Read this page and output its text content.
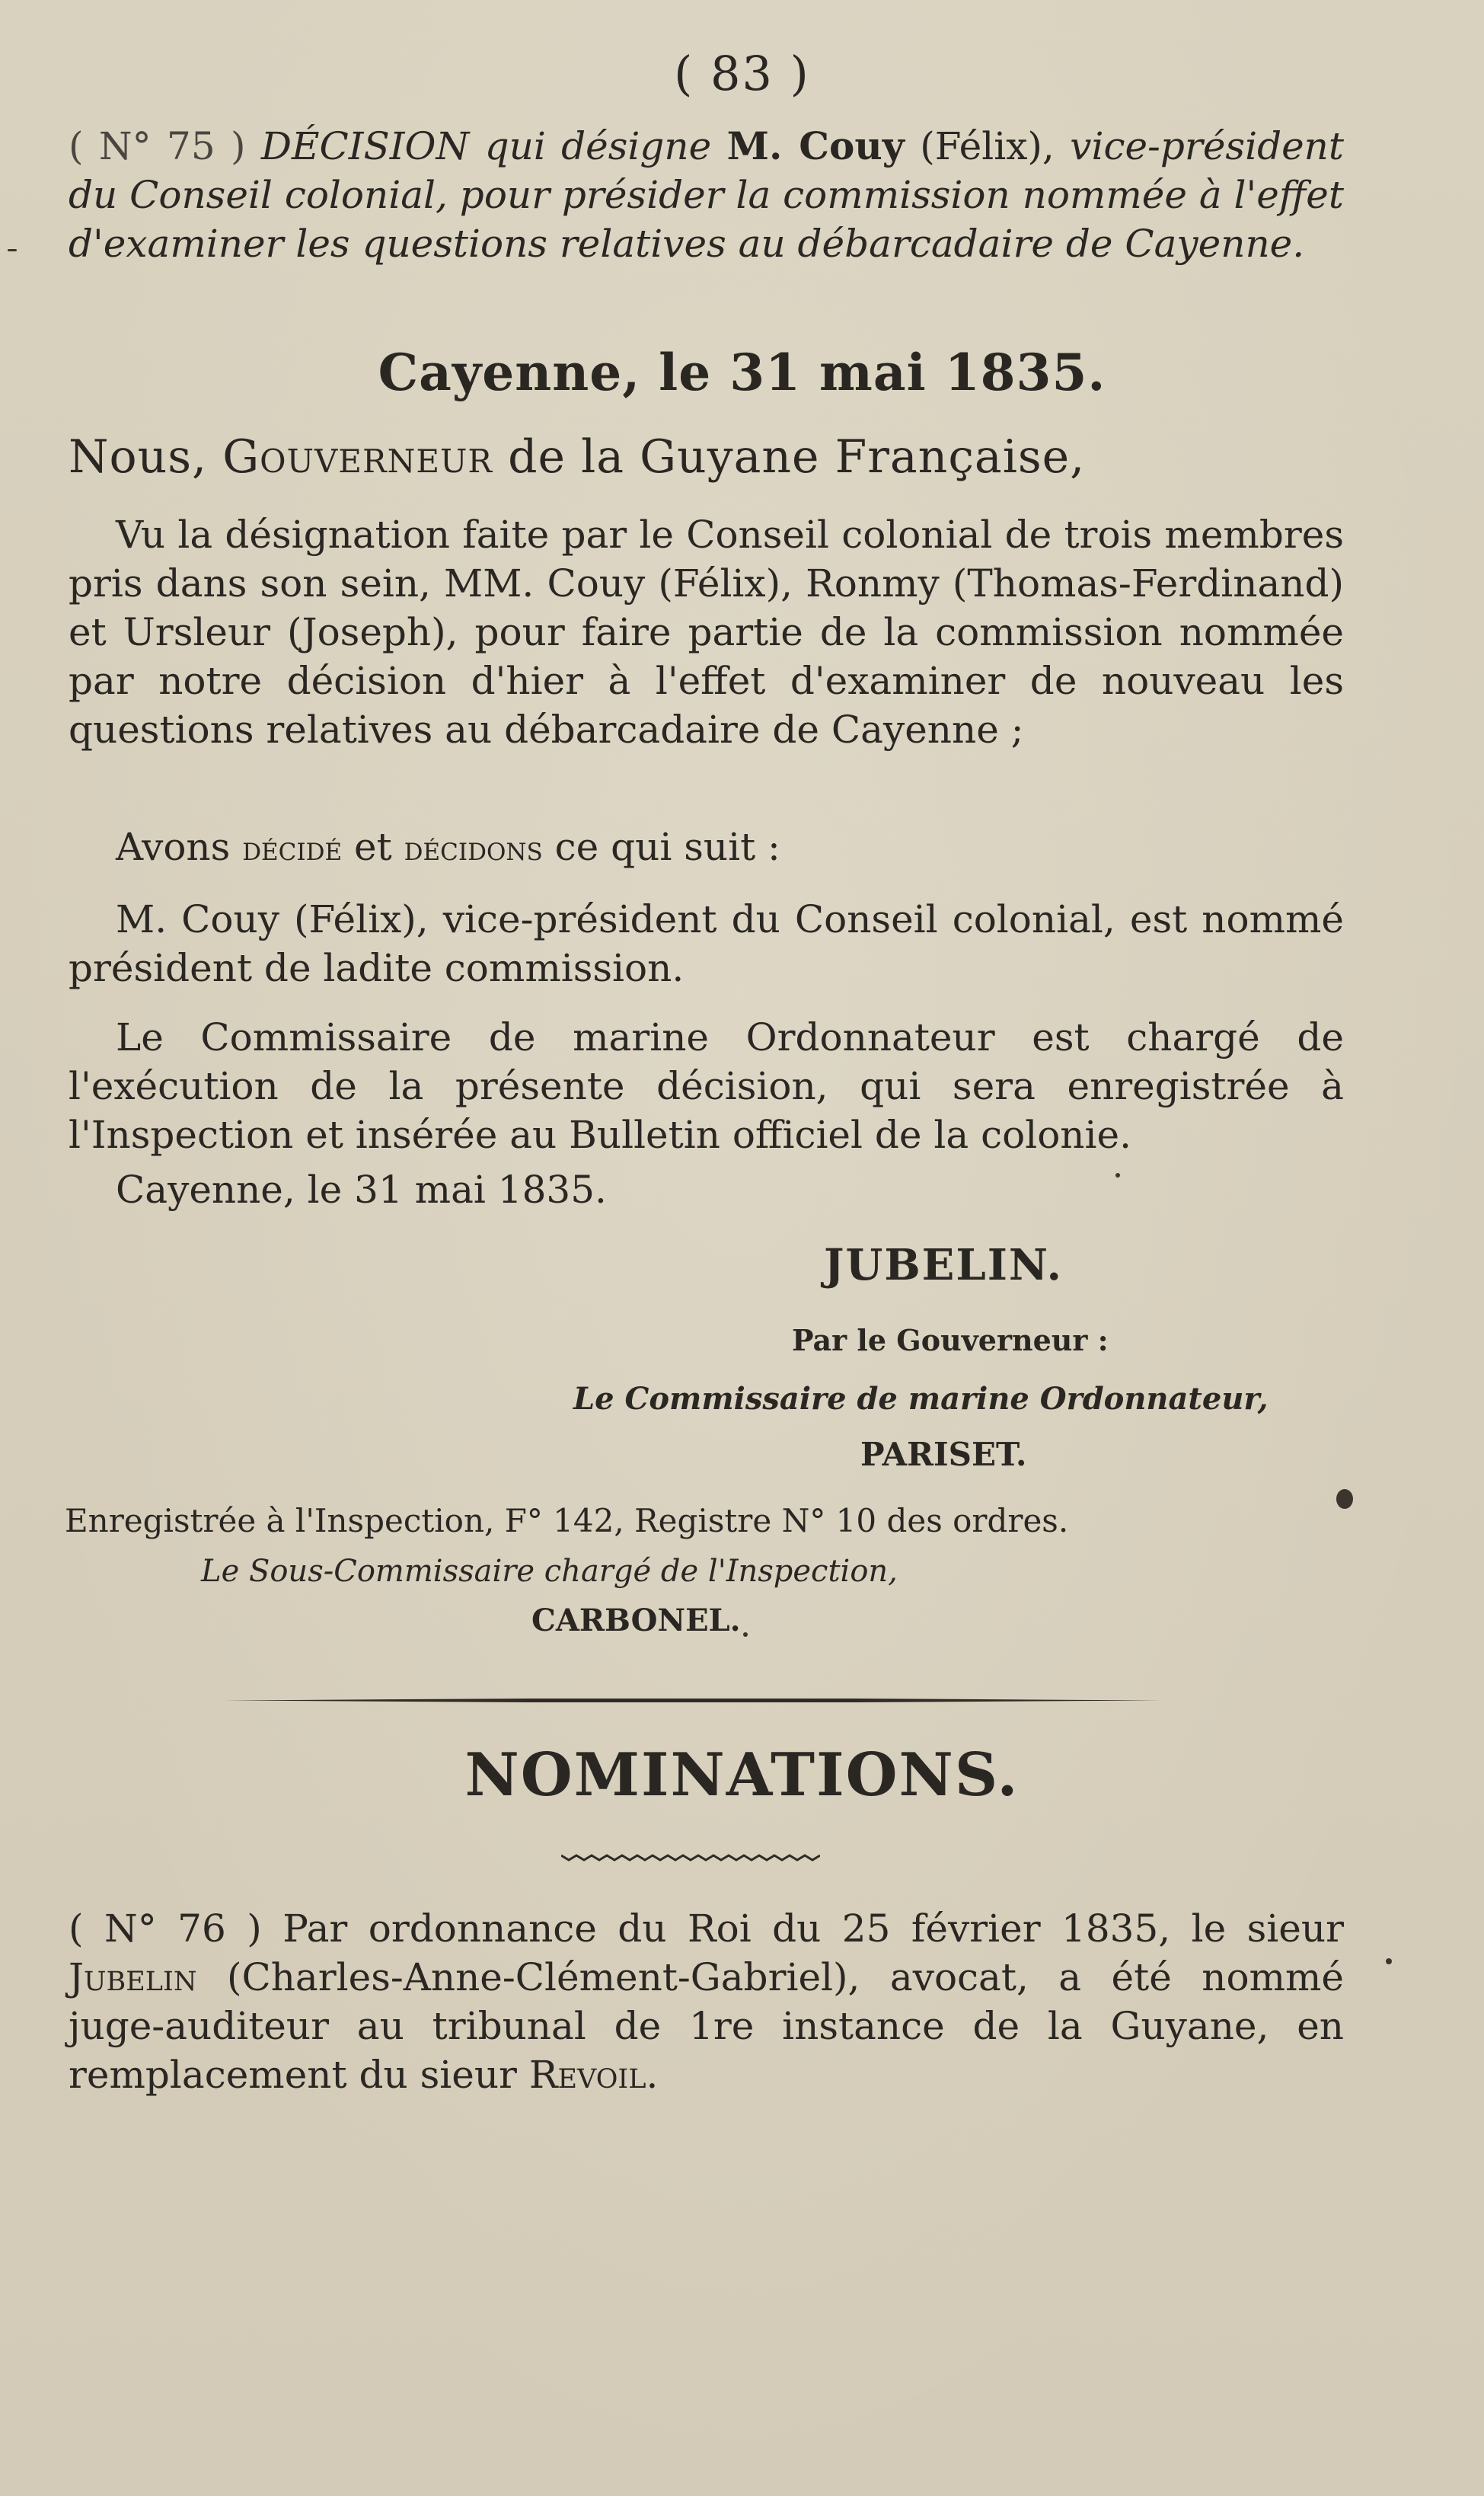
( 83 )
( N° 75 ) DÉCISION qui désigne M. Couy (Félix), vice-président du Conseil colonial, pour présider la commission nommée à l'effet d'examiner les questions relatives au débarcadaire de Cayenne.
Cayenne, le 31 mai 1835.
Nous, Gouverneur de la Guyane Française,
Vu la désignation faite par le Conseil colonial de trois membres pris dans son sein, MM. Couy (Félix), Ronmy (Thomas-Ferdinand) et Ursleur (Joseph), pour faire partie de la commission nommée par notre décision d'hier à l'effet d'examiner de nouveau les questions relatives au débarcadaire de Cayenne ;
Avons décidé et décidons ce qui suit :
M. Couy (Félix), vice-président du Conseil colonial, est nommé président de ladite commission.
Le Commissaire de marine Ordonnateur est chargé de l'exécution de la présente décision, qui sera enregistrée à l'Inspection et insérée au Bulletin officiel de la colonie.
Cayenne, le 31 mai 1835.
JUBELIN.
Par le Gouverneur :
Le Commissaire de marine Ordonnateur,
PARISET.
Enregistrée à l'Inspection, F° 142, Registre N° 10 des ordres.
Le Sous-Commissaire chargé de l'Inspection,
CARBONEL.
NOMINATIONS.
( N° 76 ) Par ordonnance du Roi du 25 février 1835, le sieur Jubelin (Charles-Anne-Clément-Gabriel), avocat, a été nommé juge-auditeur au tribunal de 1re instance de la Guyane, en remplacement du sieur Revoil.
